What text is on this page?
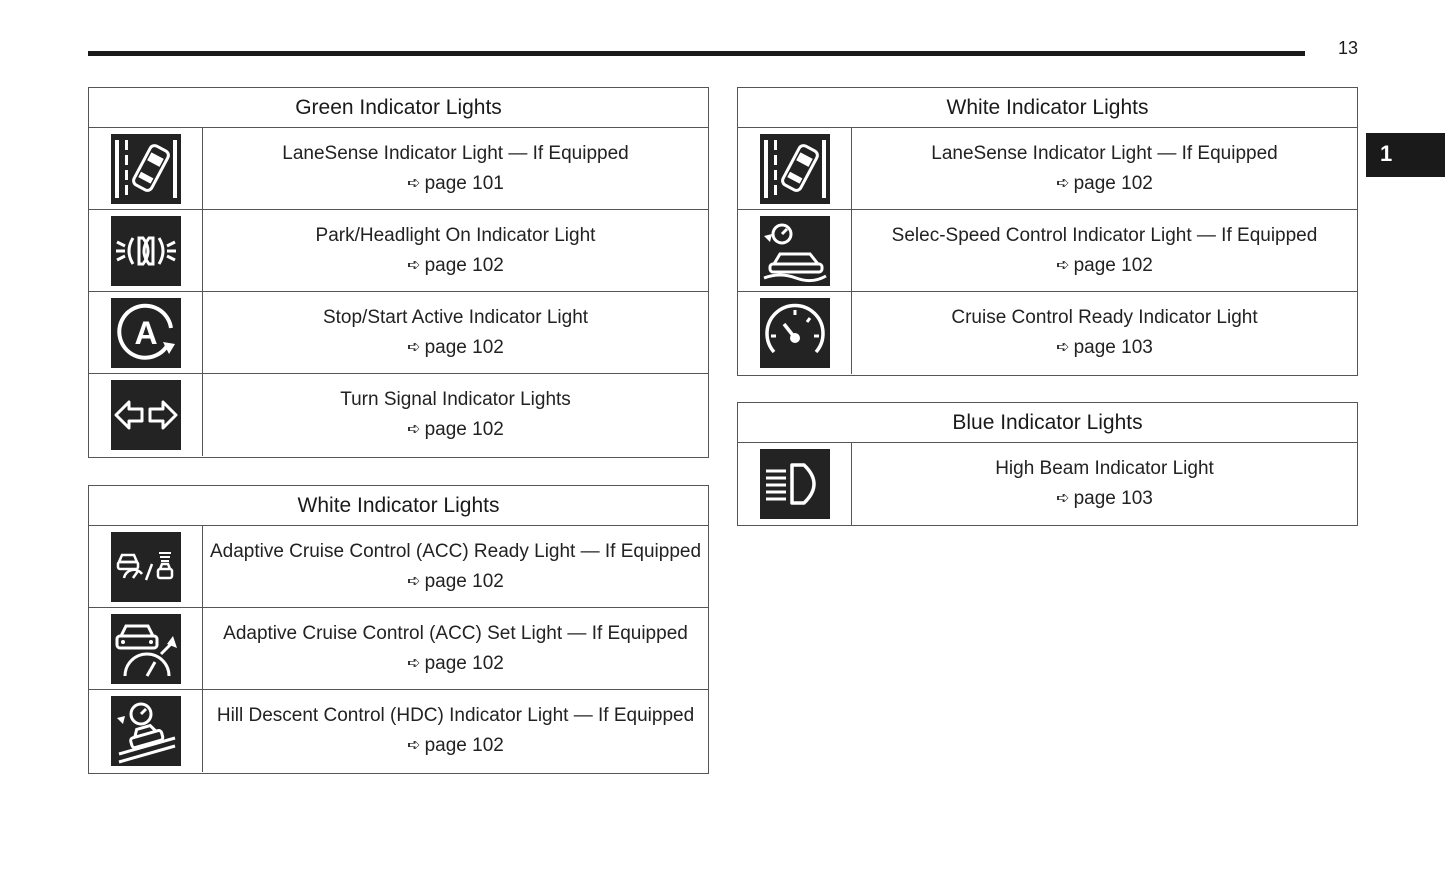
13
1
Green Indicator Lights
LaneSense Indicator Light — If Equipped
➪ page 101
Park/Headlight On Indicator Light
➪ page 102
A	Stop/Start Active Indicator Light
➪ page 102
Turn Signal Indicator Lights
➪ page 102
White Indicator Lights
Adaptive Cruise Control (ACC) Ready Light — If Equipped
➪ page 102
Adaptive Cruise Control (ACC) Set Light — If Equipped
➪ page 102
Hill Descent Control (HDC) Indicator Light — If Equipped
➪ page 102
White Indicator Lights
LaneSense Indicator Light — If Equipped
➪ page 102
Selec-Speed Control Indicator Light — If Equipped
➪ page 102
Cruise Control Ready Indicator Light
➪ page 103
Blue Indicator Lights
High Beam Indicator Light
➪ page 103
